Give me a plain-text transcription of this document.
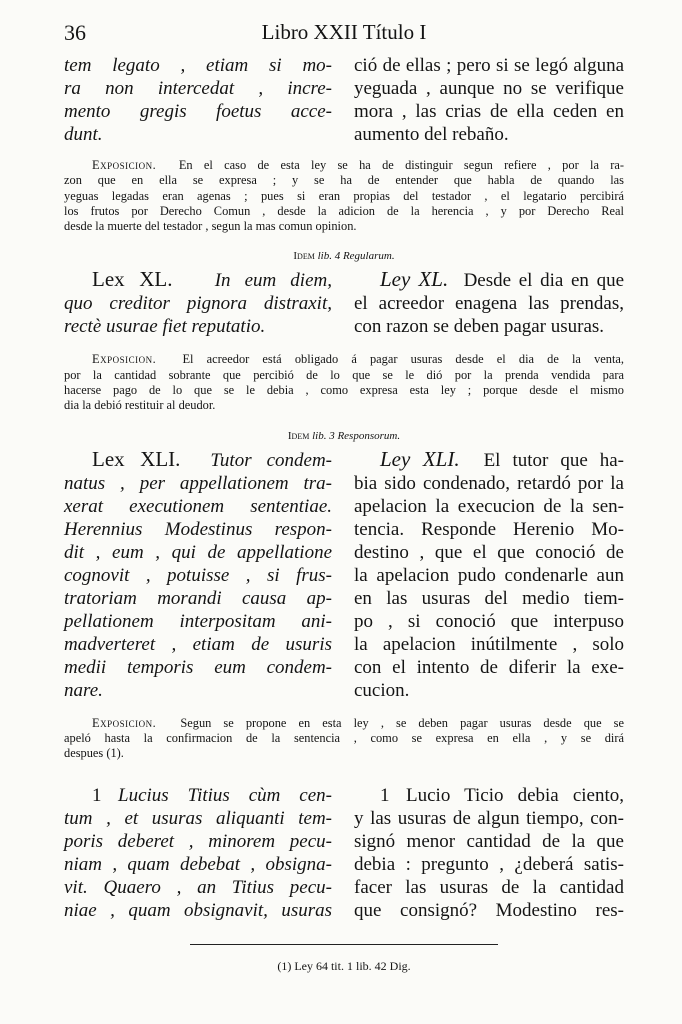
36	Libro XXII Título I
tem legato , etiam si mo-
ra non intercedat , incre-
mento gregis foetus acce-
dunt.
ció de ellas ; pero si se legó alguna
yeguada , aunque no se verifique
mora , las crias de ella ceden en
aumento del rebaño.
Exposicion. En el caso de esta ley se ha de distinguir segun refiere , por la ra-
zon que en ella se expresa ; y se ha de entender que habla de quando las
yeguas legadas eran agenas ; pues si eran propias del testador , el legatario percibirá
los frutos por Derecho Comun , desde la adicion de la herencia , y por Derecho Real
desde la muerte del testador , segun la mas comun opinion.
Idem lib. 4 Regularum.
Lex XL. In eum diem,
quo creditor pignora distraxit,
rectè usurae fiet reputatio.
Ley XL. Desde el dia en que
el acreedor enagena las prendas,
con razon se deben pagar usuras.
Exposicion. El acreedor está obligado á pagar usuras desde el dia de la venta,
por la cantidad sobrante que percibió de lo que se le dió por la prenda vendida para
hacerse pago de lo que se le debia , como expresa esta ley ; porque desde el mismo
dia la debió restituir al deudor.
Idem lib. 3 Responsorum.
Lex XLI. Tutor condem-
natus , per appellationem tra-
xerat executionem sententiae.
Herennius Modestinus respon-
dit , eum , qui de appellatione
cognovit , potuisse , si frus-
tratoriam morandi causa ap-
pellationem interpositam ani-
madverteret , etiam de usuris
medii temporis eum condem-
nare.
Ley XLI. El tutor que ha-
bia sido condenado, retardó por la
apelacion la execucion de la sen-
tencia. Responde Herenio Mo-
destino , que el que conoció de
la apelacion pudo condenarle aun
en las usuras del medio tiem-
po , si conoció que interpuso
la apelacion inútilmente , solo
con el intento de diferir la exe-
cucion.
Exposicion. Segun se propone en esta ley , se deben pagar usuras desde que se
apeló hasta la confirmacion de la sentencia , como se expresa en ella , y se dirá
despues (1).
1 Lucius Titius cùm cen-
tum , et usuras aliquanti tem-
poris deberet , minorem pecu-
niam , quam debebat , obsigna-
vit. Quaero , an Titius pecu-
niae , quam obsignavit, usuras
1 Lucio Ticio debia ciento,
y las usuras de algun tiempo, con-
signó menor cantidad de la que
debia : pregunto , ¿deberá satis-
facer las usuras de la cantidad
que consignó? Modestino res-
(1) Ley 64 tit. 1 lib. 42 Dig.
